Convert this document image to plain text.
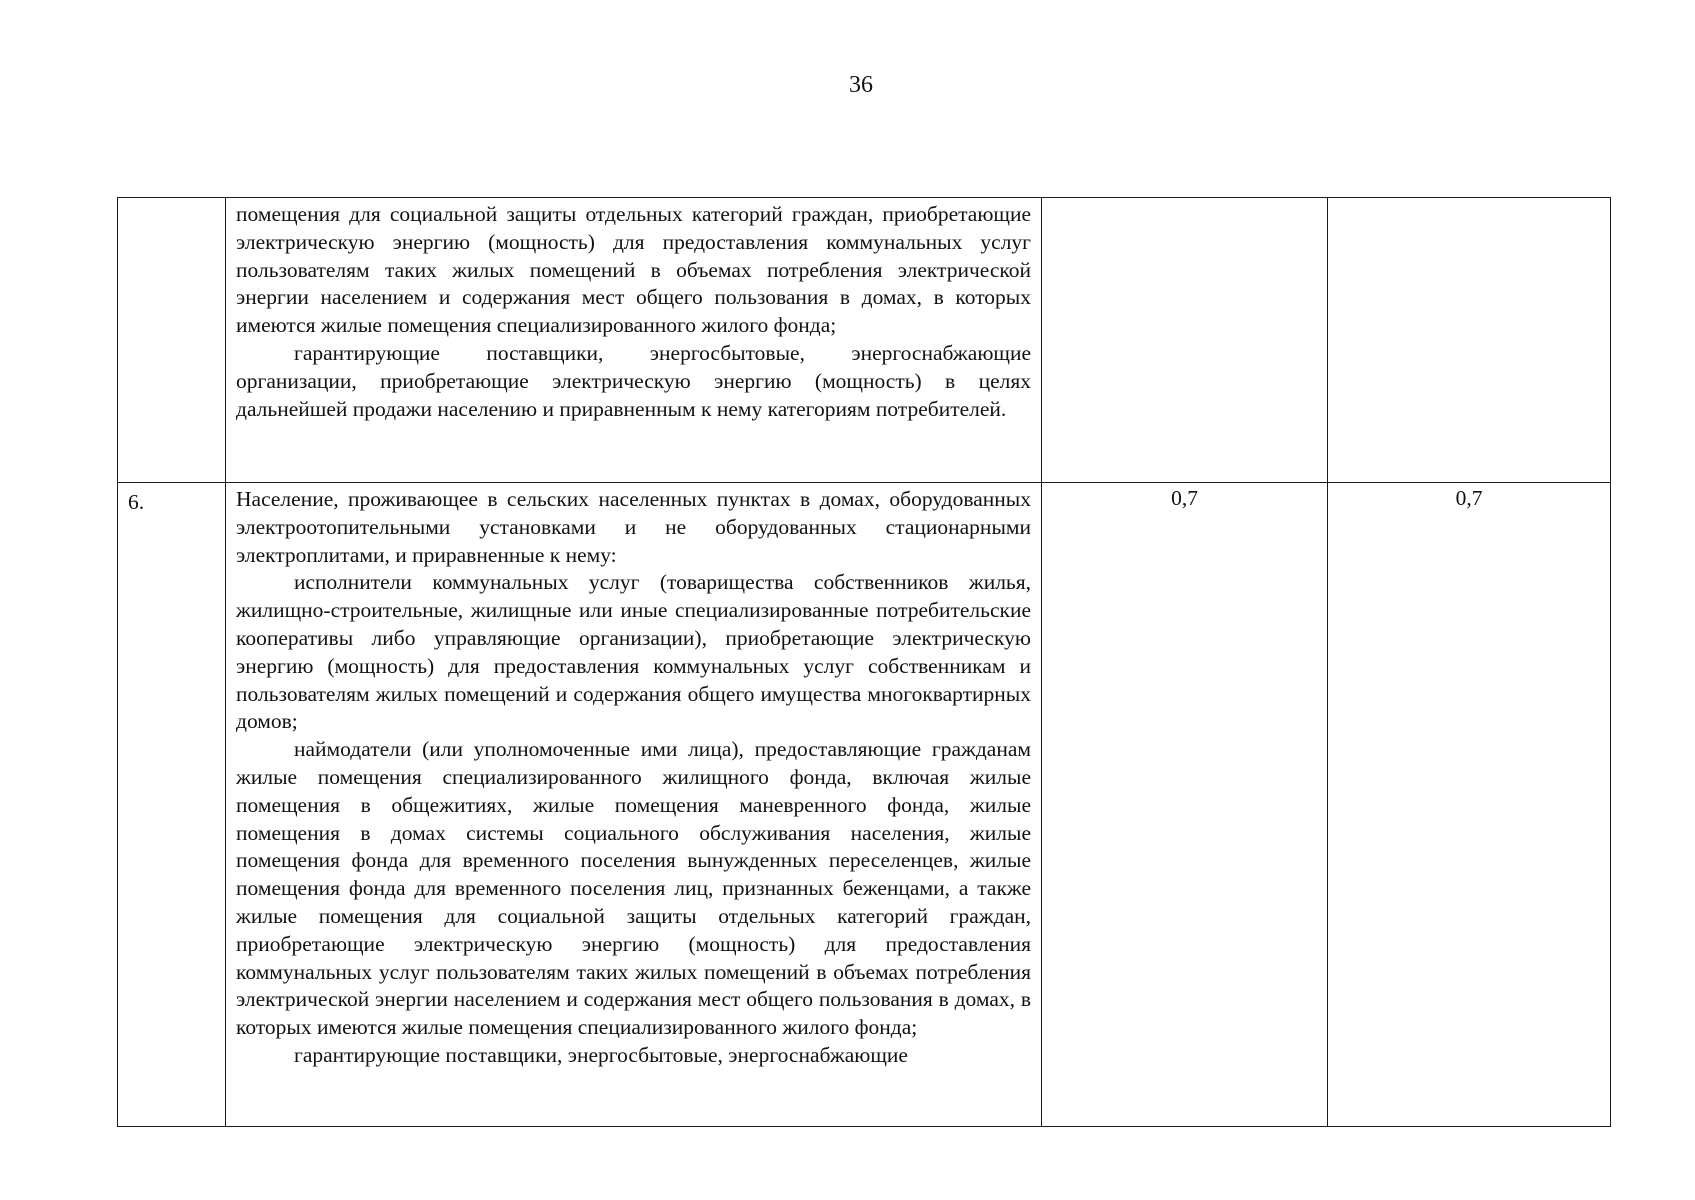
36

	помещения для социальной защиты отдельных категорий граждан, приобретающие электрическую энергию (мощность) для предоставления коммунальных услуг пользователям таких жилых помещений в объемах потребления электрической энергии населением и содержания мест общего пользования в домах, в которых имеются жилые помещения специализированного жилого фонда;

гарантирующие поставщики, энергосбытовые, энергоснабжающие организации, приобретающие электрическую энергию (мощность) в целях дальнейшей продажи населению и приравненным к нему категориям потребителей.		

6.	Население, проживающее в сельских населенных пунктах в домах, оборудованных электроотопительными установками и не оборудованных стационарными электроплитами, и приравненные к нему:

исполнители коммунальных услуг (товарищества собственников жилья, жилищно-строительные, жилищные или иные специализированные потребительские кооперативы либо управляющие организации), приобретающие электрическую энергию (мощность) для предоставления коммунальных услуг собственникам и пользователям жилых помещений и содержания общего имущества многоквартирных домов;

наймодатели (или уполномоченные ими лица), предоставляющие гражданам жилые помещения специализированного жилищного фонда, включая жилые помещения в общежитиях, жилые помещения маневренного фонда, жилые помещения в домах системы социального обслуживания населения, жилые помещения фонда для временного поселения вынужденных переселенцев, жилые помещения фонда для временного поселения лиц, признанных беженцами, а также жилые помещения для социальной защиты отдельных категорий граждан, приобретающие электрическую энергию (мощность) для предоставления коммунальных услуг пользователям таких жилых помещений в объемах потребления электрической энергии населением и содержания мест общего пользования в домах, в которых имеются жилые помещения специализированного жилого фонда;

гарантирующие поставщики, энергосбытовые, энергоснабжающие	0,7	0,7
